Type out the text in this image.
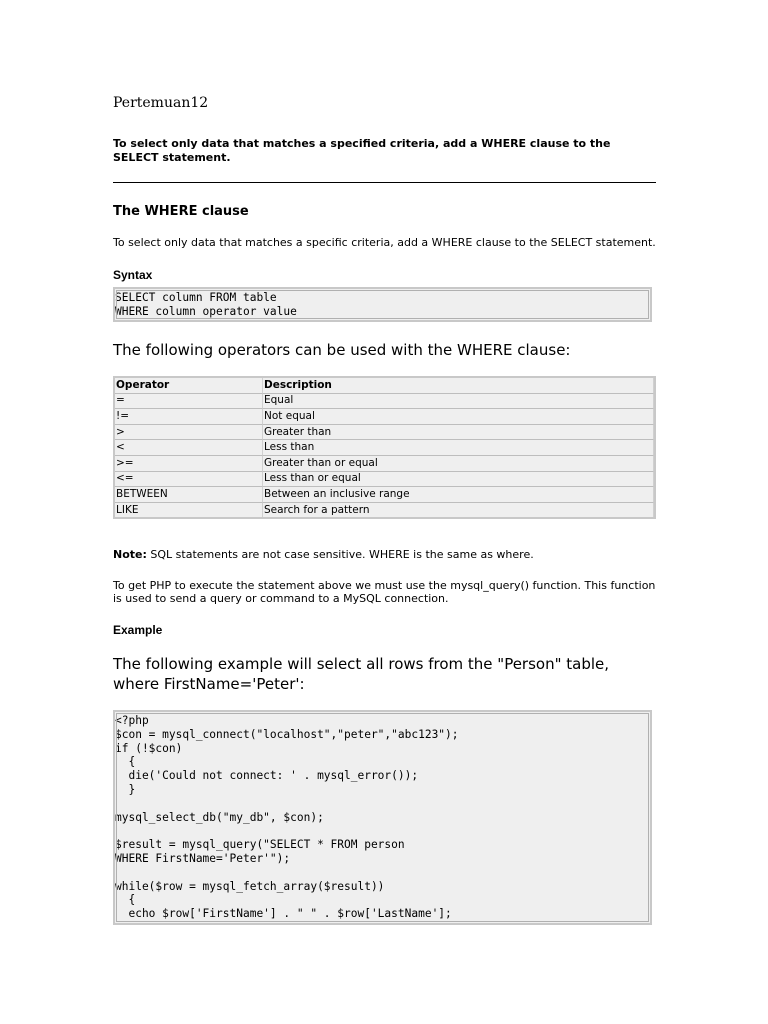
Pertemuan12
To select only data that matches a specified criteria, add a WHERE clause to the SELECT statement.
The WHERE clause
To select only data that matches a specific criteria, add a WHERE clause to the SELECT statement.
Syntax
SELECT column FROM table
WHERE column operator value
The following operators can be used with the WHERE clause:
Operator	Description
=	Equal
!=	Not equal
>	Greater than
<	Less than
>=	Greater than or equal
<=	Less than or equal
BETWEEN	Between an inclusive range
LIKE	Search for a pattern
Note: SQL statements are not case sensitive. WHERE is the same as where.
To get PHP to execute the statement above we must use the mysql_query() function. This function is used to send a query or command to a MySQL connection.
Example
The following example will select all rows from the "Person" table, where FirstName='Peter':
<?php
$con = mysql_connect("localhost","peter","abc123");
if (!$con)
{
die('Could not connect: ' . mysql_error());
}

mysql_select_db("my_db", $con);

$result = mysql_query("SELECT * FROM person
WHERE FirstName='Peter'");

while($row = mysql_fetch_array($result))
{
echo $row['FirstName'] . " " . $row['LastName'];
